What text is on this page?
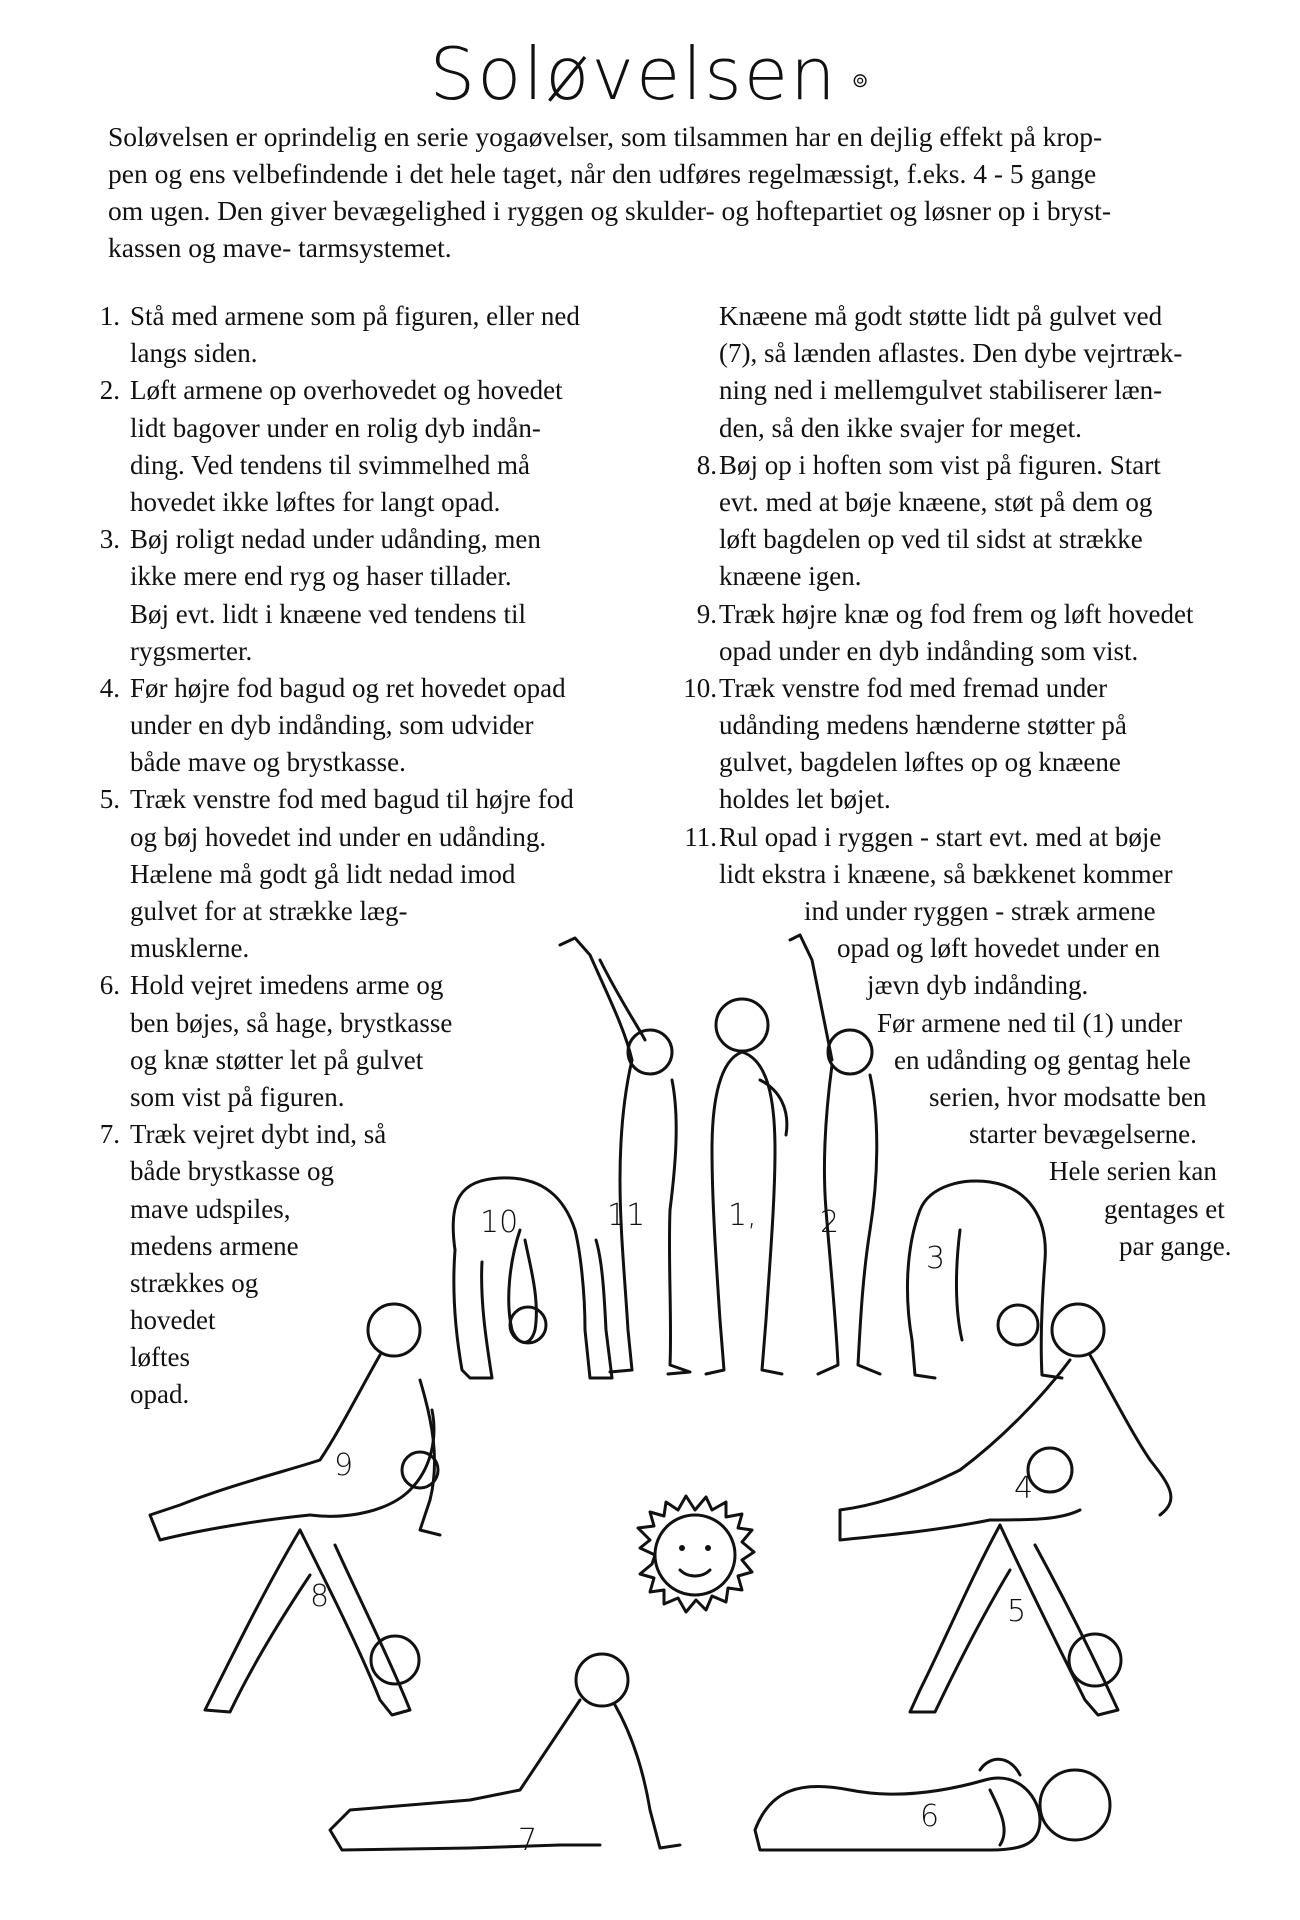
Soløvelsen ⊚
Soløvelsen er oprindelig en serie yogaøvelser, som tilsammen har en dejlig effekt på krop-
pen og ens velbefindende i det hele taget, når den udføres regelmæssigt, f.eks. 4 - 5 gange
om ugen. Den giver bevægelighed i ryggen og skulder- og hoftepartiet og løsner op i bryst-
kassen og mave- tarmsystemet.
1. Stå med armene som på figuren, eller ned
langs siden.
2. Løft armene op overhovedet og hovedet
lidt bagover under en rolig dyb indån-
ding. Ved tendens til svimmelhed må
hovedet ikke løftes for langt opad.
3. Bøj roligt nedad under udånding, men
ikke mere end ryg og haser tillader.
Bøj evt. lidt i knæene ved tendens til
rygsmerter.
4. Før højre fod bagud og ret hovedet opad
under en dyb indånding, som udvider
både mave og brystkasse.
5. Træk venstre fod med bagud til højre fod
og bøj hovedet ind under en udånding.
Hælene må godt gå lidt nedad imod
gulvet for at strække læg-
musklerne.
6. Hold vejret imedens arme og
ben bøjes, så hage, brystkasse
og knæ støtter let på gulvet
som vist på figuren.
7. Træk vejret dybt ind, så
både brystkasse og
mave udspiles,
medens armene
strækkes og
hovedet
løftes
opad.
Knæene må godt støtte lidt på gulvet ved
(7), så lænden aflastes. Den dybe vejrtræk-
ning ned i mellemgulvet stabiliserer læn-
den, så den ikke svajer for meget.
8. Bøj op i hoften som vist på figuren. Start
evt. med at bøje knæene, støt på dem og
løft bagdelen op ved til sidst at strække
knæene igen.
9. Træk højre knæ og fod frem og løft hovedet
opad under en dyb indånding som vist.
10. Træk venstre fod med fremad under
udånding medens hænderne støtter på
gulvet, bagdelen løftes op og knæene
holdes let bøjet.
11. Rul opad i ryggen - start evt. med at bøje
lidt ekstra i knæene, så bækkenet kommer
ind under ryggen - stræk armene
opad og løft hovedet under en
jævn dyb indånding.
Før armene ned til (1) under
en udånding og gentag hele
serien, hvor modsatte ben
starter bevægelserne.
Hele serien kan
gentages et
par gange.
10	11	1, 2
3
9
4
8	5
7
6
